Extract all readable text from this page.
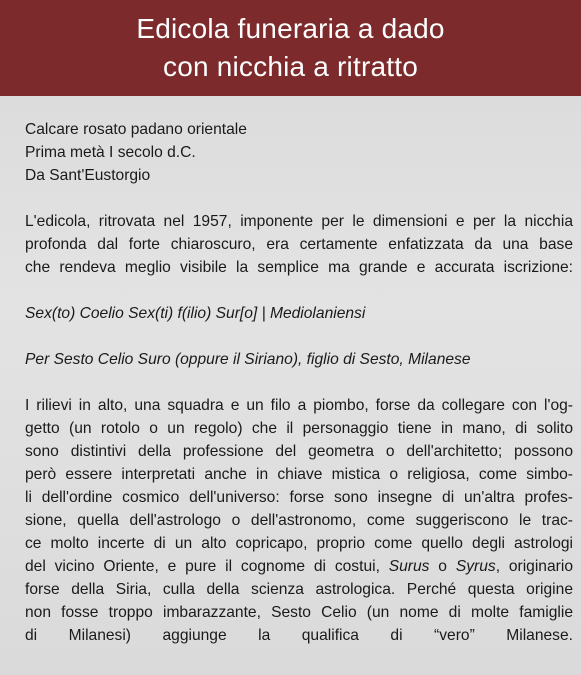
Edicola funeraria a dado
con nicchia a ritratto
Calcare rosato padano orientale
Prima metà I secolo d.C.
Da Sant'Eustorgio
L'edicola, ritrovata nel 1957, imponente per le dimensioni e per la nicchia
profonda dal forte chiaroscuro, era certamente enfatizzata da una base
che rendeva meglio visibile la semplice ma grande e accurata iscrizione:
Sex(to) Coelio Sex(ti) f(ilio) Sur[o] | Mediolaniensi
Per Sesto Celio Suro (oppure il Siriano), figlio di Sesto, Milanese
I rilievi in alto, una squadra e un filo a piombo, forse da collegare con l'og-
getto (un rotolo o un regolo) che il personaggio tiene in mano, di solito
sono distintivi della professione del geometra o dell'architetto; possono
però essere interpretati anche in chiave mistica o religiosa, come simbo-
li dell'ordine cosmico dell'universo: forse sono insegne di un'altra profes-
sione, quella dell'astrologo o dell'astronomo, come suggeriscono le trac-
ce molto incerte di un alto copricapo, proprio come quello degli astrologi
del vicino Oriente, e pure il cognome di costui, Surus o Syrus, originario
forse della Siria, culla della scienza astrologica. Perché questa origine
non fosse troppo imbarazzante, Sesto Celio (un nome di molte famiglie
di Milanesi) aggiunge la qualifica di “vero” Milanese.
